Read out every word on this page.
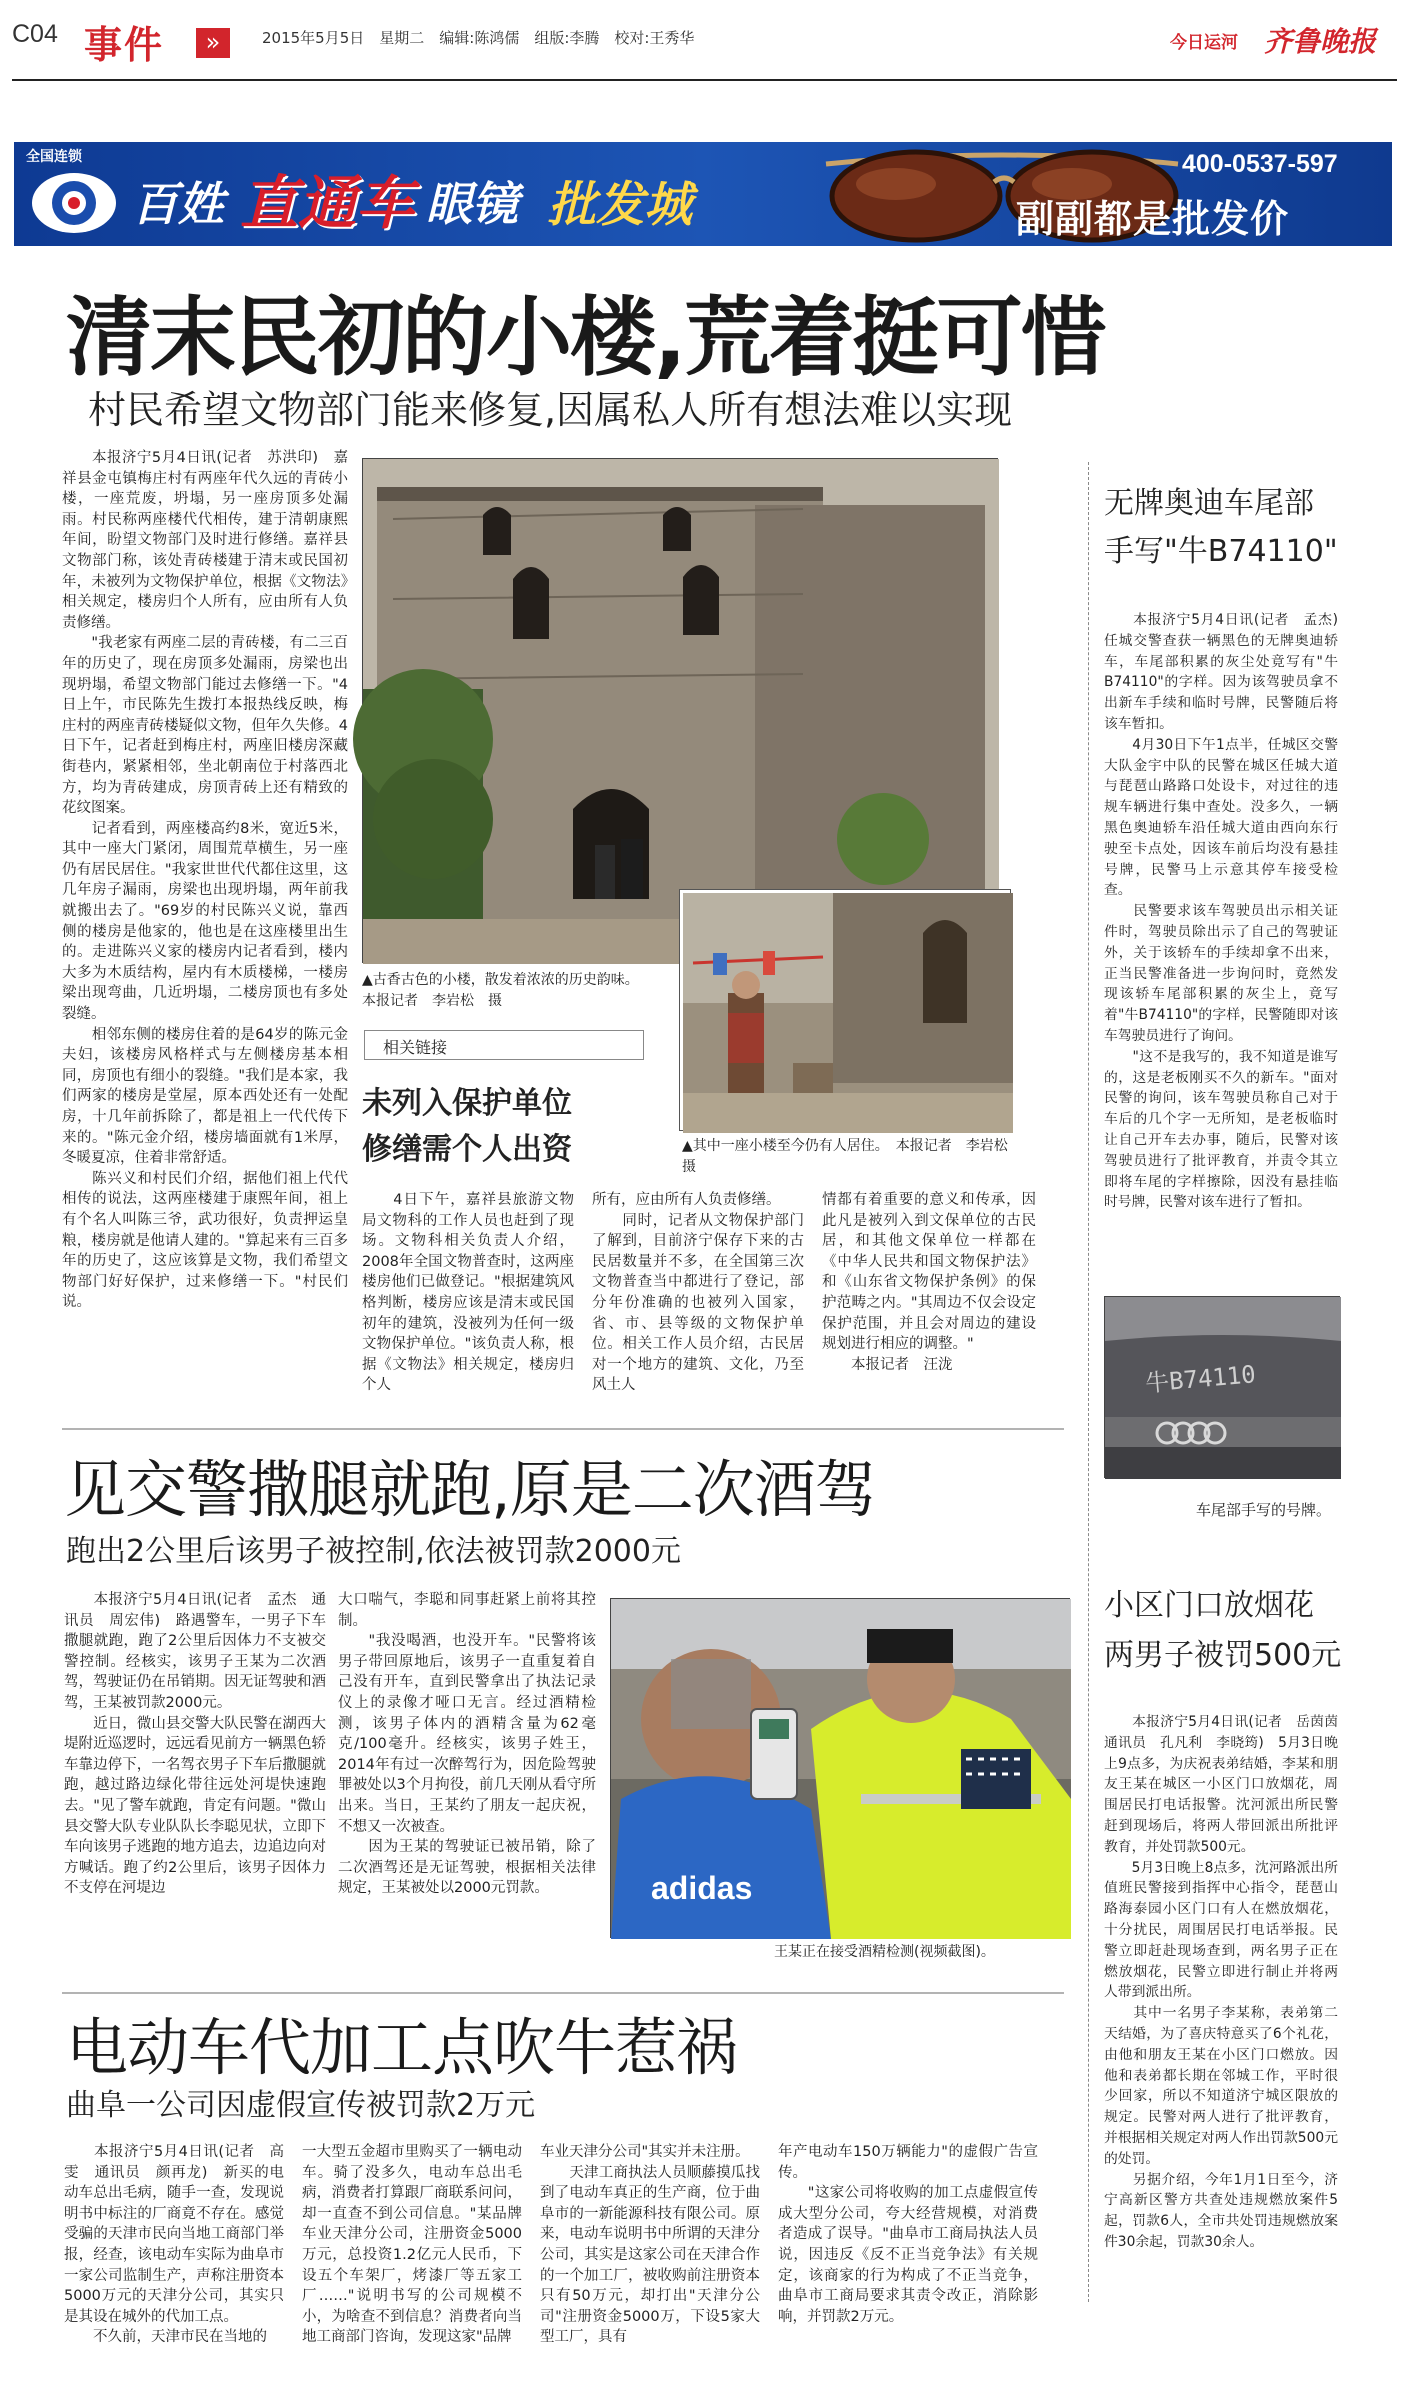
C04 事件	»	2015年5月5日　星期二　编辑:陈鸿儒　组版:李腾　校对:王秀华	今日运河 齐鲁晚报
全国连锁
百姓 直通车 眼镜 批发城
400-0537-597
副副都是批发价
清末民初的小楼,荒着挺可惜
村民希望文物部门能来修复,因属私人所有想法难以实现
　　本报济宁5月4日讯(记者　苏洪印)　嘉祥县金屯镇梅庄村有两座年代久远的青砖小楼，一座荒废，坍塌，另一座房顶多处漏雨。村民称两座楼代代相传，建于清朝康熙年间，盼望文物部门及时进行修缮。嘉祥县文物部门称，该处青砖楼建于清末或民国初年，未被列为文物保护单位，根据《文物法》相关规定，楼房归个人所有，应由所有人负责修缮。
　　"我老家有两座二层的青砖楼，有二三百年的历史了，现在房顶多处漏雨，房梁也出现坍塌，希望文物部门能过去修缮一下。"4日上午，市民陈先生拨打本报热线反映，梅庄村的两座青砖楼疑似文物，但年久失修。4日下午，记者赶到梅庄村，两座旧楼房深藏街巷内，紧紧相邻，坐北朝南位于村落西北方，均为青砖建成，房顶青砖上还有精致的花纹图案。
　　记者看到，两座楼高约8米，宽近5米，其中一座大门紧闭，周围荒草横生，另一座仍有居民居住。"我家世世代代都住这里，这几年房子漏雨，房梁也出现坍塌，两年前我就搬出去了。"69岁的村民陈兴义说，靠西侧的楼房是他家的，他也是在这座楼里出生的。走进陈兴义家的楼房内记者看到，楼内大多为木质结构，屋内有木质楼梯，一楼房梁出现弯曲，几近坍塌，二楼房顶也有多处裂缝。
　　相邻东侧的楼房住着的是64岁的陈元金夫妇，该楼房风格样式与左侧楼房基本相同，房顶也有细小的裂缝。"我们是本家，我们两家的楼房是堂屋，原本西处还有一处配房，十几年前拆除了，都是祖上一代代传下来的。"陈元金介绍，楼房墙面就有1米厚，冬暖夏凉，住着非常舒适。
　　陈兴义和村民们介绍，据他们祖上代代相传的说法，这两座楼建于康熙年间，祖上有个名人叫陈三爷，武功很好，负责押运皇粮，楼房就是他请人建的。"算起来有三百多年的历史了，这应该算是文物，我们希望文物部门好好保护，过来修缮一下。"村民们说。
▲古香古色的小楼，散发着浓浓的历史韵味。　本报记者　李岩松　摄
▲其中一座小楼至今仍有人居住。　本报记者　李岩松　摄
相关链接
未列入保护单位
修缮需个人出资
　　4日下午，嘉祥县旅游文物局文物科的工作人员也赶到了现场。文物科相关负责人介绍，2008年全国文物普查时，这两座楼房他们已做登记。"根据建筑风格判断，楼房应该是清末或民国初年的建筑，没被列为任何一级文物保护单位。"该负责人称，根据《文物法》相关规定，楼房归个人
所有，应由所有人负责修缮。
　　同时，记者从文物保护部门了解到，目前济宁保存下来的古民居数量并不多，在全国第三次文物普查当中都进行了登记，部分年份准确的也被列入国家，省、市、县等级的文物保护单位。相关工作人员介绍，古民居对一个地方的建筑、文化，乃至风土人
情都有着重要的意义和传承，因此凡是被列入到文保单位的古民居，和其他文保单位一样都在《中华人民共和国文物保护法》和《山东省文物保护条例》的保护范畴之内。"其周边不仅会设定保护范围，并且会对周边的建设规划进行相应的调整。"
　　本报记者　汪泷
无牌奥迪车尾部
手写"牛B74110"
　　本报济宁5月4日讯(记者　孟杰)　任城交警查获一辆黑色的无牌奥迪轿车，车尾部积累的灰尘处竟写有"牛B74110"的字样。因为该驾驶员拿不出新车手续和临时号牌，民警随后将该车暂扣。
　　4月30日下午1点半，任城区交警大队金宇中队的民警在城区任城大道与琵琶山路路口处设卡，对过往的违规车辆进行集中查处。没多久，一辆黑色奥迪轿车沿任城大道由西向东行驶至卡点处，因该车前后均没有悬挂号牌，民警马上示意其停车接受检查。
　　民警要求该车驾驶员出示相关证件时，驾驶员除出示了自己的驾驶证外，关于该轿车的手续却拿不出来，正当民警准备进一步询问时，竟然发现该轿车尾部积累的灰尘上，竟写着"牛B74110"的字样，民警随即对该车驾驶员进行了询问。
　　"这不是我写的，我不知道是谁写的，这是老板刚买不久的新车。"面对民警的询问，该车驾驶员称自己对于车后的几个字一无所知，是老板临时让自己开车去办事，随后，民警对该驾驶员进行了批评教育，并责令其立即将车尾的字样擦除，因没有悬挂临时号牌，民警对该车进行了暂扣。
牛B74110
车尾部手写的号牌。
见交警撒腿就跑,原是二次酒驾
跑出2公里后该男子被控制,依法被罚款2000元
　　本报济宁5月4日讯(记者　孟杰　通讯员　周宏伟)　路遇警车，一男子下车撒腿就跑，跑了2公里后因体力不支被交警控制。经核实，该男子王某为二次酒驾，驾驶证仍在吊销期。因无证驾驶和酒驾，王某被罚款2000元。
　　近日，微山县交警大队民警在湖西大堤附近巡逻时，远远看见前方一辆黑色轿车靠边停下，一名驾衣男子下车后撒腿就跑，越过路边绿化带往远处河堤快速跑去。"见了警车就跑，肯定有问题。"微山县交警大队专业队队长李聪见状，立即下车向该男子逃跑的地方追去，边追边向对方喊话。跑了约2公里后，该男子因体力不支停在河堤边
大口喘气，李聪和同事赶紧上前将其控制。
　　"我没喝酒，也没开车。"民警将该男子带回原地后，该男子一直重复着自己没有开车，直到民警拿出了执法记录仪上的录像才哑口无言。经过酒精检测，该男子体内的酒精含量为62毫克/100毫升。经核实，该男子姓王，2014年有过一次醉驾行为，因危险驾驶罪被处以3个月拘役，前几天刚从看守所出来。当日，王某约了朋友一起庆祝，不想又一次被查。
　　因为王某的驾驶证已被吊销，除了二次酒驾还是无证驾驶，根据相关法律规定，王某被处以2000元罚款。	adidas
王某正在接受酒精检测(视频截图)。
小区门口放烟花
两男子被罚500元
　　本报济宁5月4日讯(记者　岳茵茵　通讯员　孔凡利　李晓筠)　5月3日晚上9点多，为庆祝表弟结婚，李某和朋友王某在城区一小区门口放烟花，周围居民打电话报警。沈河派出所民警赶到现场后，将两人带回派出所批评教育，并处罚款500元。
　　5月3日晚上8点多，沈河路派出所值班民警接到指挥中心指令，琵琶山路海泰园小区门口有人在燃放烟花，十分扰民，周围居民打电话举报。民警立即赶赴现场查到，两名男子正在燃放烟花，民警立即进行制止并将两人带到派出所。
　　其中一名男子李某称，表弟第二天结婚，为了喜庆特意买了6个礼花，由他和朋友王某在小区门口燃放。因他和表弟都长期在邻城工作，平时很少回家，所以不知道济宁城区限放的规定。民警对两人进行了批评教育，并根据相关规定对两人作出罚款500元的处罚。
　　另据介绍，今年1月1日至今，济宁高新区警方共查处违规燃放案件5起，罚款6人，全市共处罚违规燃放案件30余起，罚款30余人。
电动车代加工点吹牛惹祸
曲阜一公司因虚假宣传被罚款2万元
　　本报济宁5月4日讯(记者　高雯　通讯员　颜再龙)　新买的电动车总出毛病，随手一查，发现说明书中标注的厂商竟不存在。感觉受骗的天津市民向当地工商部门举报，经查，该电动车实际为曲阜市一家公司监制生产，声称注册资本5000万元的天津分公司，其实只是其设在城外的代加工点。
　　不久前，天津市民在当地的
一大型五金超市里购买了一辆电动车。骑了没多久，电动车总出毛病，消费者打算跟厂商联系问问，却一直查不到公司信息。"某品牌车业天津分公司，注册资金5000万元，总投资1.2亿元人民币，下设五个车架厂，烤漆厂等五家工厂……"说明书写的公司规模不小，为啥查不到信息？消费者向当地工商部门咨询，发现这家"品牌
车业天津分公司"其实并未注册。
　　天津工商执法人员顺藤摸瓜找到了电动车真正的生产商，位于曲阜市的一新能源科技有限公司。原来，电动车说明书中所谓的天津分公司，其实是这家公司在天津合作的一个加工厂，被收购前注册资本只有50万元，却打出"天津分公司"注册资金5000万，下设5家大型工厂，具有
年产电动车150万辆能力"的虚假广告宣传。
　　"这家公司将收购的加工点虚假宣传成大型分公司，夸大经营规模，对消费者造成了误导。"曲阜市工商局执法人员说，因违反《反不正当竞争法》有关规定，该商家的行为构成了不正当竞争，曲阜市工商局要求其责令改正，消除影响，并罚款2万元。
